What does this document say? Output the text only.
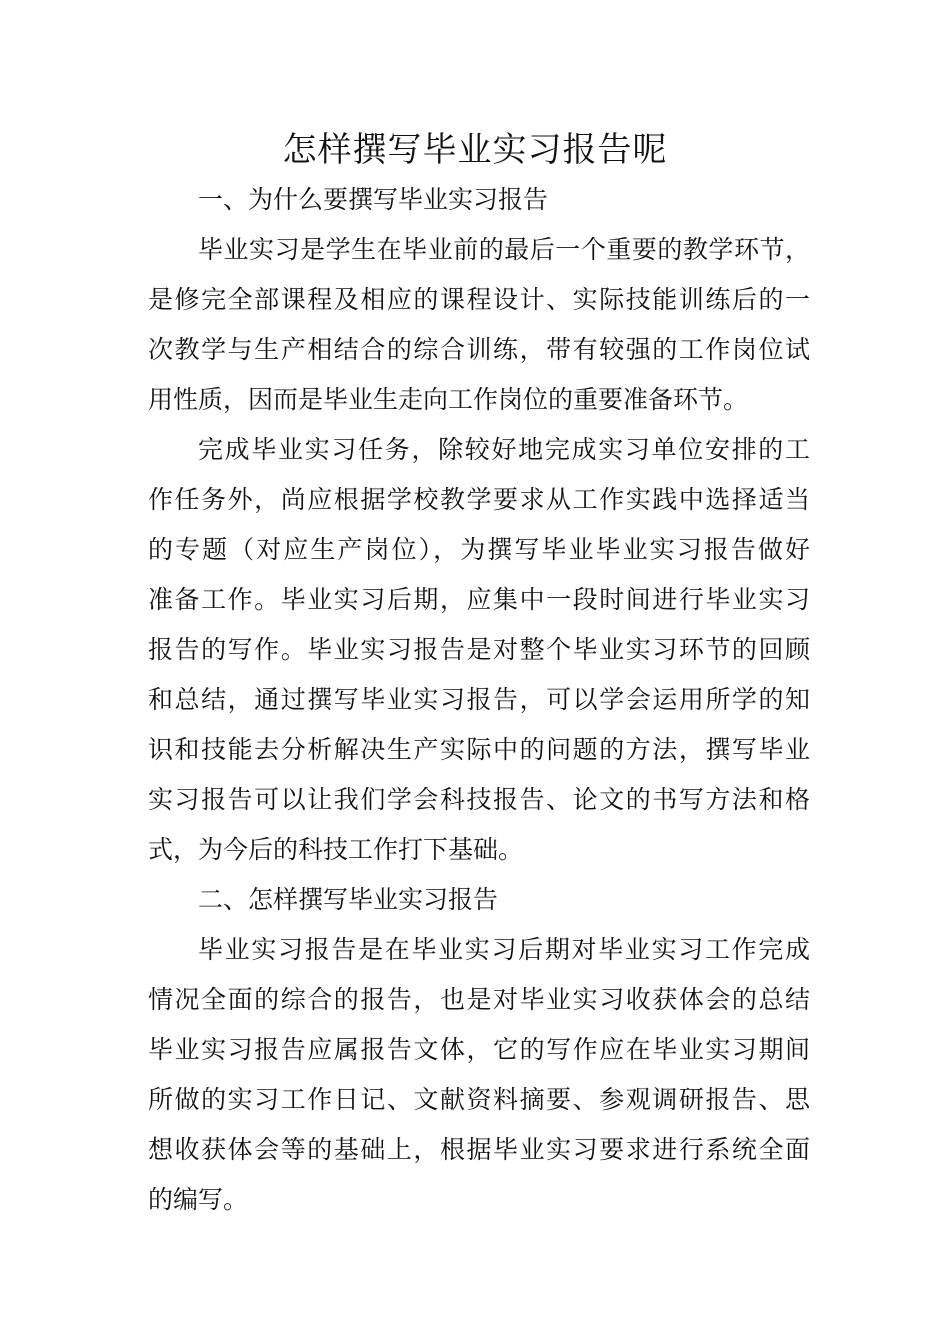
怎样撰写毕业实习报告呢
一、为什么要撰写毕业实习报告
毕业实习是学生在毕业前的最后一个重要的教学环节，
是修完全部课程及相应的课程设计、实际技能训练后的一
次教学与生产相结合的综合训练，带有较强的工作岗位试
用性质，因而是毕业生走向工作岗位的重要准备环节。
完成毕业实习任务，除较好地完成实习单位安排的工
作任务外，尚应根据学校教学要求从工作实践中选择适当
的专题（对应生产岗位），为撰写毕业毕业实习报告做好
准备工作。毕业实习后期，应集中一段时间进行毕业实习
报告的写作。毕业实习报告是对整个毕业实习环节的回顾
和总结，通过撰写毕业实习报告，可以学会运用所学的知
识和技能去分析解决生产实际中的问题的方法，撰写毕业
实习报告可以让我们学会科技报告、论文的书写方法和格
式，为今后的科技工作打下基础。
二、怎样撰写毕业实习报告
毕业实习报告是在毕业实习后期对毕业实习工作完成
情况全面的综合的报告，也是对毕业实习收获体会的总结
毕业实习报告应属报告文体，它的写作应在毕业实习期间
所做的实习工作日记、文献资料摘要、参观调研报告、思
想收获体会等的基础上，根据毕业实习要求进行系统全面
的编写。
